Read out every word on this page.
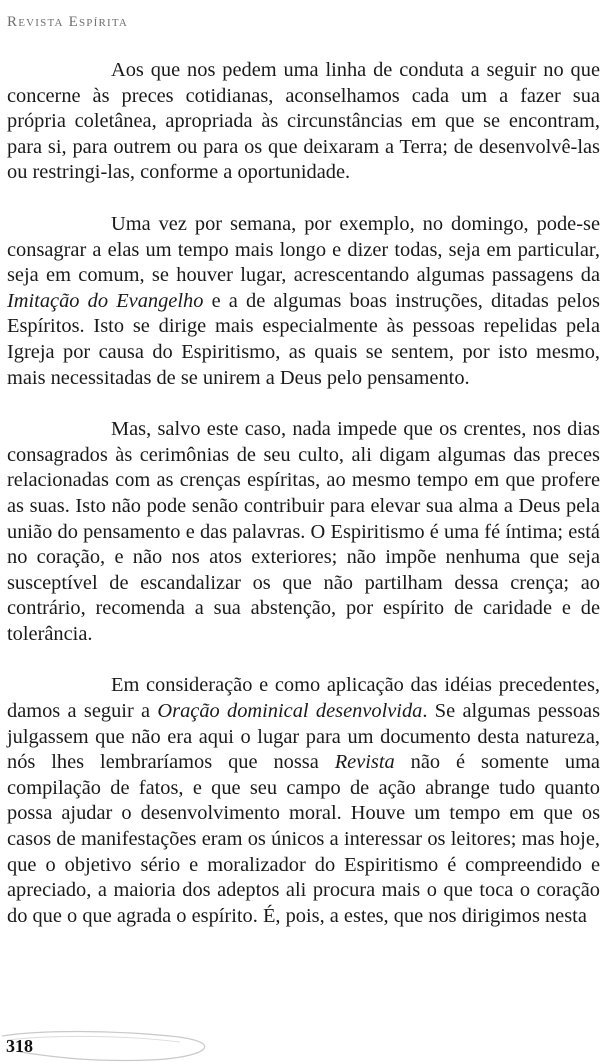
Revista Espírita

Aos que nos pedem uma linha de conduta a seguir no que concerne às preces cotidianas, aconselhamos cada um a fazer sua própria coletânea, apropriada às circunstâncias em que se encontram, para si, para outrem ou para os que deixaram a Terra; de desenvolvê-las ou restringi-las, conforme a oportunidade.

Uma vez por semana, por exemplo, no domingo, pode-se consagrar a elas um tempo mais longo e dizer todas, seja em particular, seja em comum, se houver lugar, acrescentando algumas passagens da Imitação do Evangelho e a de algumas boas instruções, ditadas pelos Espíritos. Isto se dirige mais especialmente às pessoas repelidas pela Igreja por causa do Espiritismo, as quais se sentem, por isto mesmo, mais necessitadas de se unirem a Deus pelo pensamento.

Mas, salvo este caso, nada impede que os crentes, nos dias consagrados às cerimônias de seu culto, ali digam algumas das preces relacionadas com as crenças espíritas, ao mesmo tempo em que profere as suas. Isto não pode senão contribuir para elevar sua alma a Deus pela união do pensamento e das palavras. O Espiritismo é uma fé íntima; está no coração, e não nos atos exteriores; não impõe nenhuma que seja susceptível de escandalizar os que não partilham dessa crença; ao contrário, recomenda a sua abstenção, por espírito de caridade e de tolerância.

Em consideração e como aplicação das idéias precedentes, damos a seguir a Oração dominical desenvolvida. Se algumas pessoas julgassem que não era aqui o lugar para um documento desta natureza, nós lhes lembraríamos que nossa Revista não é somente uma compilação de fatos, e que seu campo de ação abrange tudo quanto possa ajudar o desenvolvimento moral. Houve um tempo em que os casos de manifestações eram os únicos a interessar os leitores; mas hoje, que o objetivo sério e moralizador do Espiritismo é compreendido e apreciado, a maioria dos adeptos ali procura mais o que toca o coração do que o que agrada o espírito. É, pois, a estes, que nos dirigimos nesta

318
